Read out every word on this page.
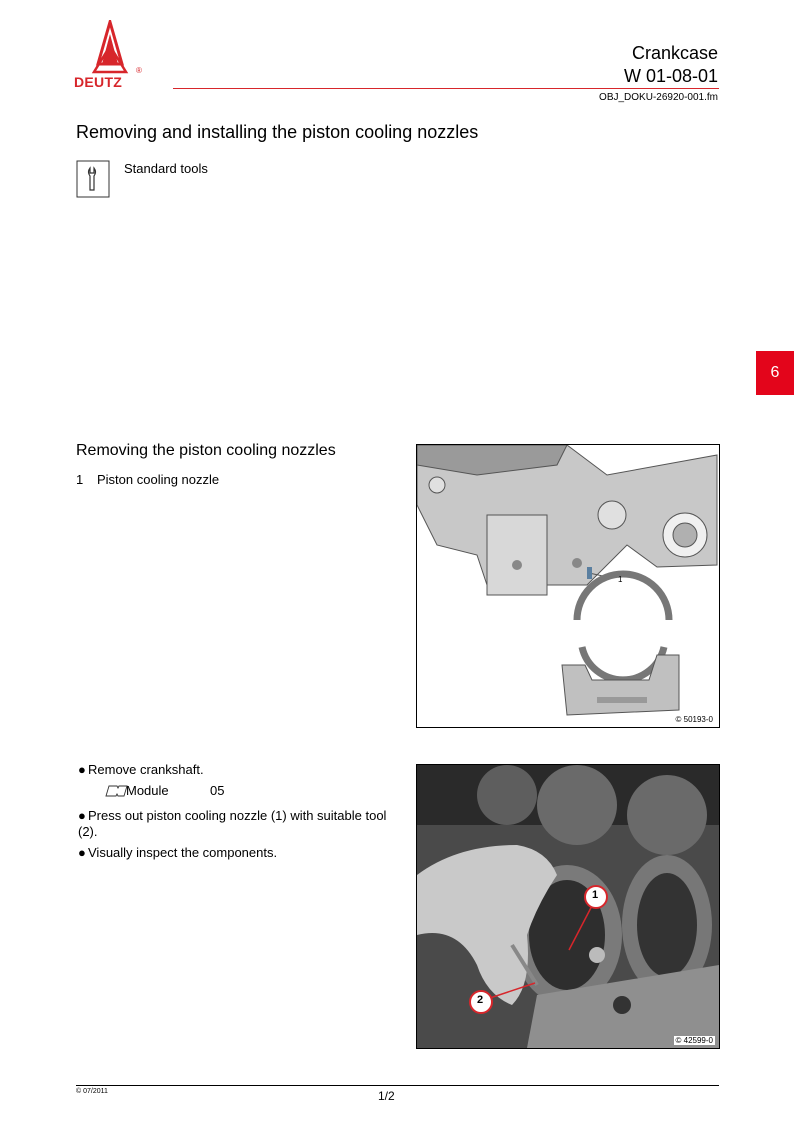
DEUTZ
®
Crankcase
W 01-08-01
OBJ_DOKU-26920-001.fm
Removing and installing the piston cooling nozzles
Standard tools
6
Removing the piston cooling nozzles
1 Piston cooling nozzle
1
© 50193-0
● Remove crankshaft.
Module	05
● Press out piston cooling nozzle (1) with suitable tool (2).
● Visually inspect the components.
1
2
© 42599-0
© 07/2011	1/2
